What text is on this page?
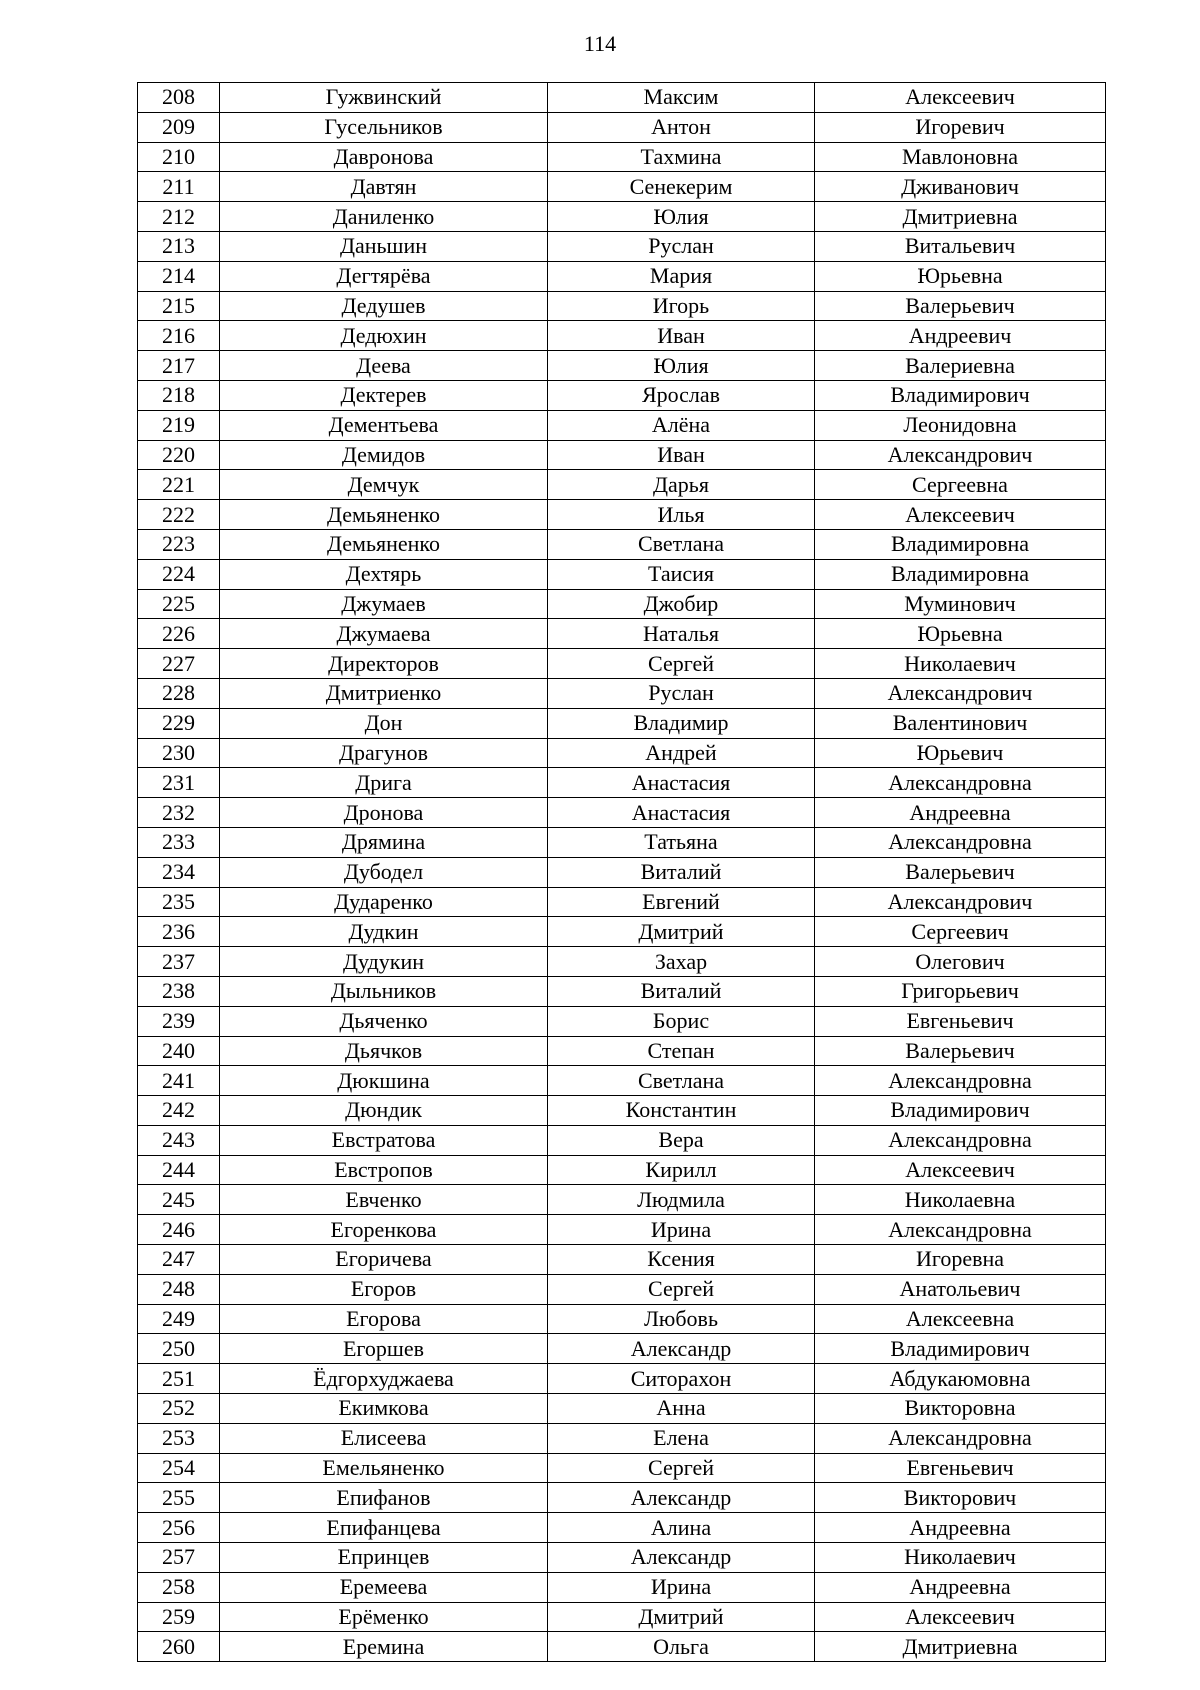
114
208	Гужвинский	Максим	Алексеевич
209	Гусельников	Антон	Игоревич
210	Давронова	Тахмина	Мавлоновна
211	Давтян	Сенекерим	Дживанович
212	Даниленко	Юлия	Дмитриевна
213	Даньшин	Руслан	Витальевич
214	Дегтярёва	Мария	Юрьевна
215	Дедушев	Игорь	Валерьевич
216	Дедюхин	Иван	Андреевич
217	Деева	Юлия	Валериевна
218	Дектерев	Ярослав	Владимирович
219	Дементьева	Алёна	Леонидовна
220	Демидов	Иван	Александрович
221	Демчук	Дарья	Сергеевна
222	Демьяненко	Илья	Алексеевич
223	Демьяненко	Светлана	Владимировна
224	Дехтярь	Таисия	Владимировна
225	Джумаев	Джобир	Муминович
226	Джумаева	Наталья	Юрьевна
227	Директоров	Сергей	Николаевич
228	Дмитриенко	Руслан	Александрович
229	Дон	Владимир	Валентинович
230	Драгунов	Андрей	Юрьевич
231	Дрига	Анастасия	Александровна
232	Дронова	Анастасия	Андреевна
233	Дрямина	Татьяна	Александровна
234	Дубодел	Виталий	Валерьевич
235	Дударенко	Евгений	Александрович
236	Дудкин	Дмитрий	Сергеевич
237	Дудукин	Захар	Олегович
238	Дыльников	Виталий	Григорьевич
239	Дьяченко	Борис	Евгеньевич
240	Дьячков	Степан	Валерьевич
241	Дюкшина	Светлана	Александровна
242	Дюндик	Константин	Владимирович
243	Евстратова	Вера	Александровна
244	Евстропов	Кирилл	Алексеевич
245	Евченко	Людмила	Николаевна
246	Егоренкова	Ирина	Александровна
247	Егоричева	Ксения	Игоревна
248	Егоров	Сергей	Анатольевич
249	Егорова	Любовь	Алексеевна
250	Егоршев	Александр	Владимирович
251	Ёдгорхуджаева	Ситорахон	Абдукаюмовна
252	Екимкова	Анна	Викторовна
253	Елисеева	Елена	Александровна
254	Емельяненко	Сергей	Евгеньевич
255	Епифанов	Александр	Викторович
256	Епифанцева	Алина	Андреевна
257	Епринцев	Александр	Николаевич
258	Еремеева	Ирина	Андреевна
259	Ерёменко	Дмитрий	Алексеевич
260	Еремина	Ольга	Дмитриевна
